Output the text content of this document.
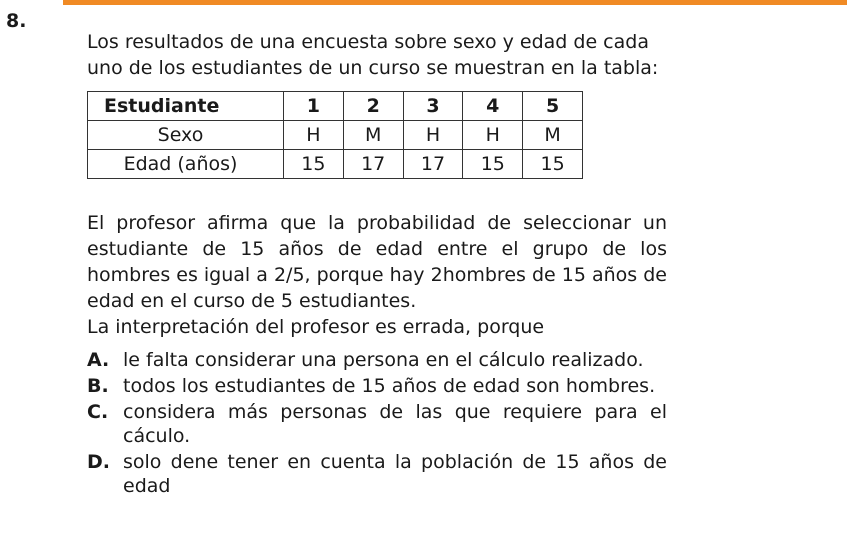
8.

Los resultados de una encuesta sobre sexo y edad de cada uno de los estudiantes de un curso se muestran en la tabla:

Estudiante	1	2	3	4	5
Sexo	H	M	H	H	M
Edad (años)	15	17	17	15	15

El profesor afirma que la probabilidad de seleccionar un estudiante de 15 años de edad entre el grupo de los hombres es igual a 2/5, porque hay 2hombres de 15 años de edad en el curso de 5 estudiantes.

La interpretación del profesor es errada, porque

A. le falta considerar una persona en el cálculo realizado.
B. todos los estudiantes de 15 años de edad son hombres.
C. considera más personas de las que requiere para el cáculo.
D. solo dene tener en cuenta la población de 15 años de edad
